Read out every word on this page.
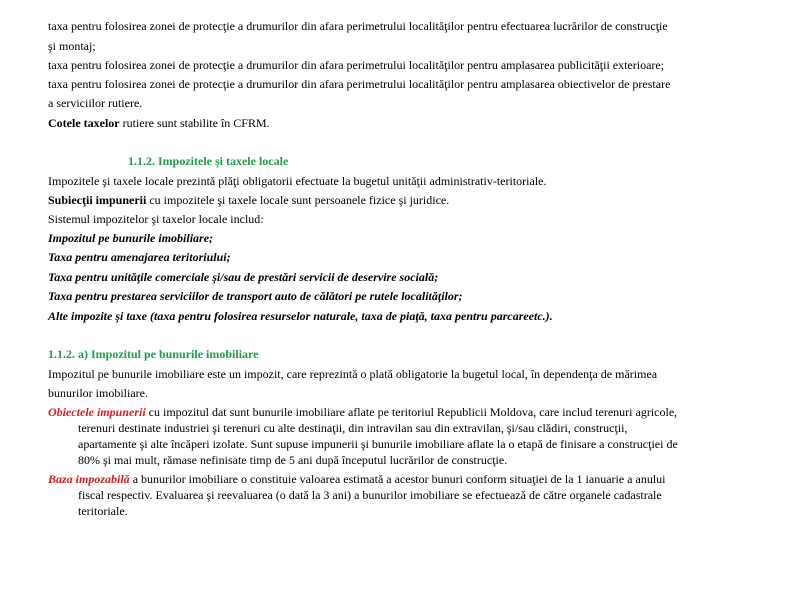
taxa pentru folosirea zonei de protecţie a drumurilor din afara perimetrului localităţilor pentru efectuarea lucrărilor de construcţie
şi montaj;
taxa pentru folosirea zonei de protecţie a drumurilor din afara perimetrului localităţilor pentru amplasarea publicităţii exterioare;
taxa pentru folosirea zonei de protecţie a drumurilor din afara perimetrului localităţilor pentru amplasarea obiectivelor de prestare
a serviciilor rutiere.
Cotele taxelor rutiere sunt stabilite în CFRM.
1.1.2. Impozitele şi taxele locale
Impozitele şi taxele locale prezintă plăţi obligatorii efectuate la bugetul unităţii administrativ-teritoriale.
Subiecţii impunerii cu impozitele şi taxele locale sunt persoanele fizice şi juridice.
Sistemul impozitelor şi taxelor locale includ:
Impozitul pe bunurile imobiliare;
Taxa pentru amenajarea teritoriului;
Taxa pentru unităţile comerciale şi/sau de prestări servicii de deservire socială;
Taxa pentru prestarea serviciilor de transport auto de călători pe rutele localităţilor;
Alte impozite şi taxe (taxa pentru folosirea resurselor naturale, taxa de piaţă, taxa pentru parcareetc.).
1.1.2. a) Impozitul pe bunurile imobiliare
Impozitul pe bunurile imobiliare este un impozit, care reprezintă o plată obligatorie la bugetul local, în dependenţa de mărimea
bunurilor imobiliare.
Obiectele impunerii cu impozitul dat sunt bunurile imobiliare aflate pe teritoriul Republicii Moldova, care includ terenuri agricole,
terenuri destinate industriei şi terenuri cu alte destinaţii, din intravilan sau din extravilan, şi/sau clădiri, construcţii,
apartamente şi alte încăperi izolate. Sunt supuse impunerii şi bunurile imobiliare aflate la o etapă de finisare a construcţiei de
80% şi mai mult, rămase nefinisate timp de 5 ani după începutul lucrărilor de construcţie.
Baza impozabilă a bunurilor imobiliare o constituie valoarea estimată a acestor bunuri conform situaţiei de la 1 ianuarie a anului
fiscal respectiv. Evaluarea şi reevaluarea (o dată la 3 ani) a bunurilor imobiliare se efectuează de către organele cadastrale
teritoriale.
